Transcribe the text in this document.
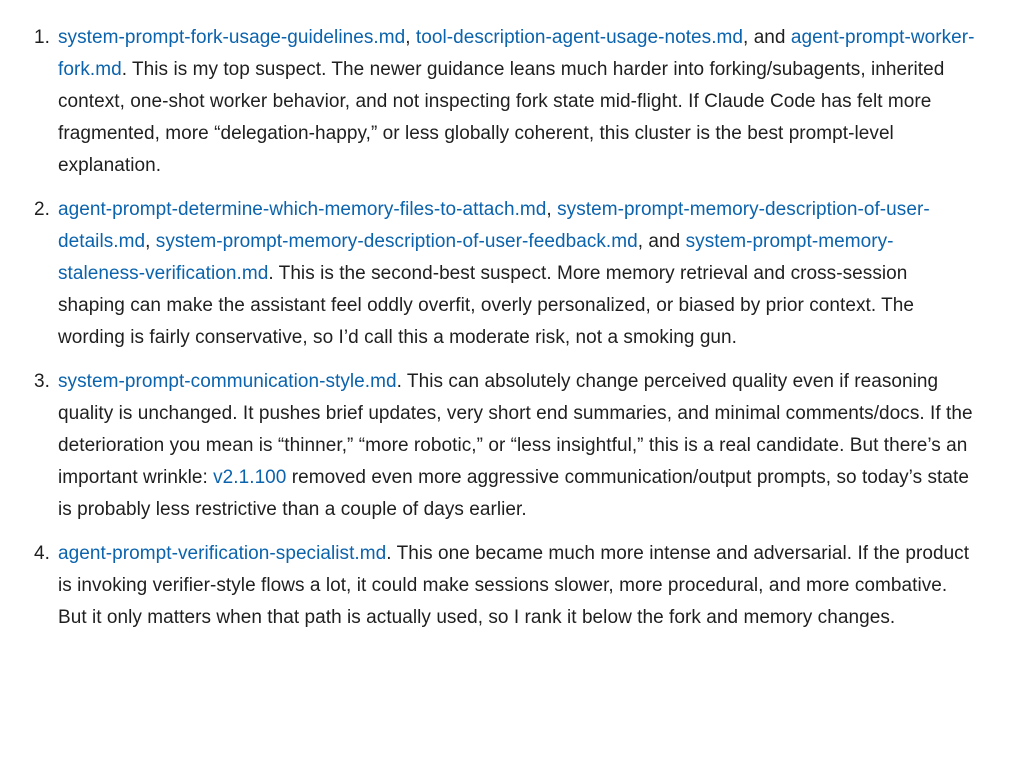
1. system-prompt-fork-usage-guidelines.md, tool-description-agent-usage-notes.md, and agent-prompt-worker-fork.md. This is my top suspect. The newer guidance leans much harder into forking/subagents, inherited context, one-shot worker behavior, and not inspecting fork state mid-flight. If Claude Code has felt more fragmented, more “delegation-happy,” or less globally coherent, this cluster is the best prompt-level explanation.
2. agent-prompt-determine-which-memory-files-to-attach.md, system-prompt-memory-description-of-user-details.md, system-prompt-memory-description-of-user-feedback.md, and system-prompt-memory-staleness-verification.md. This is the second-best suspect. More memory retrieval and cross-session shaping can make the assistant feel oddly overfit, overly personalized, or biased by prior context. The wording is fairly conservative, so I’d call this a moderate risk, not a smoking gun.
3. system-prompt-communication-style.md. This can absolutely change perceived quality even if reasoning quality is unchanged. It pushes brief updates, very short end summaries, and minimal comments/docs. If the deterioration you mean is “thinner,” “more robotic,” or “less insightful,” this is a real candidate. But there’s an important wrinkle: v2.1.100 removed even more aggressive communication/output prompts, so today’s state is probably less restrictive than a couple of days earlier.
4. agent-prompt-verification-specialist.md. This one became much more intense and adversarial. If the product is invoking verifier-style flows a lot, it could make sessions slower, more procedural, and more combative. But it only matters when that path is actually used, so I rank it below the fork and memory changes.
